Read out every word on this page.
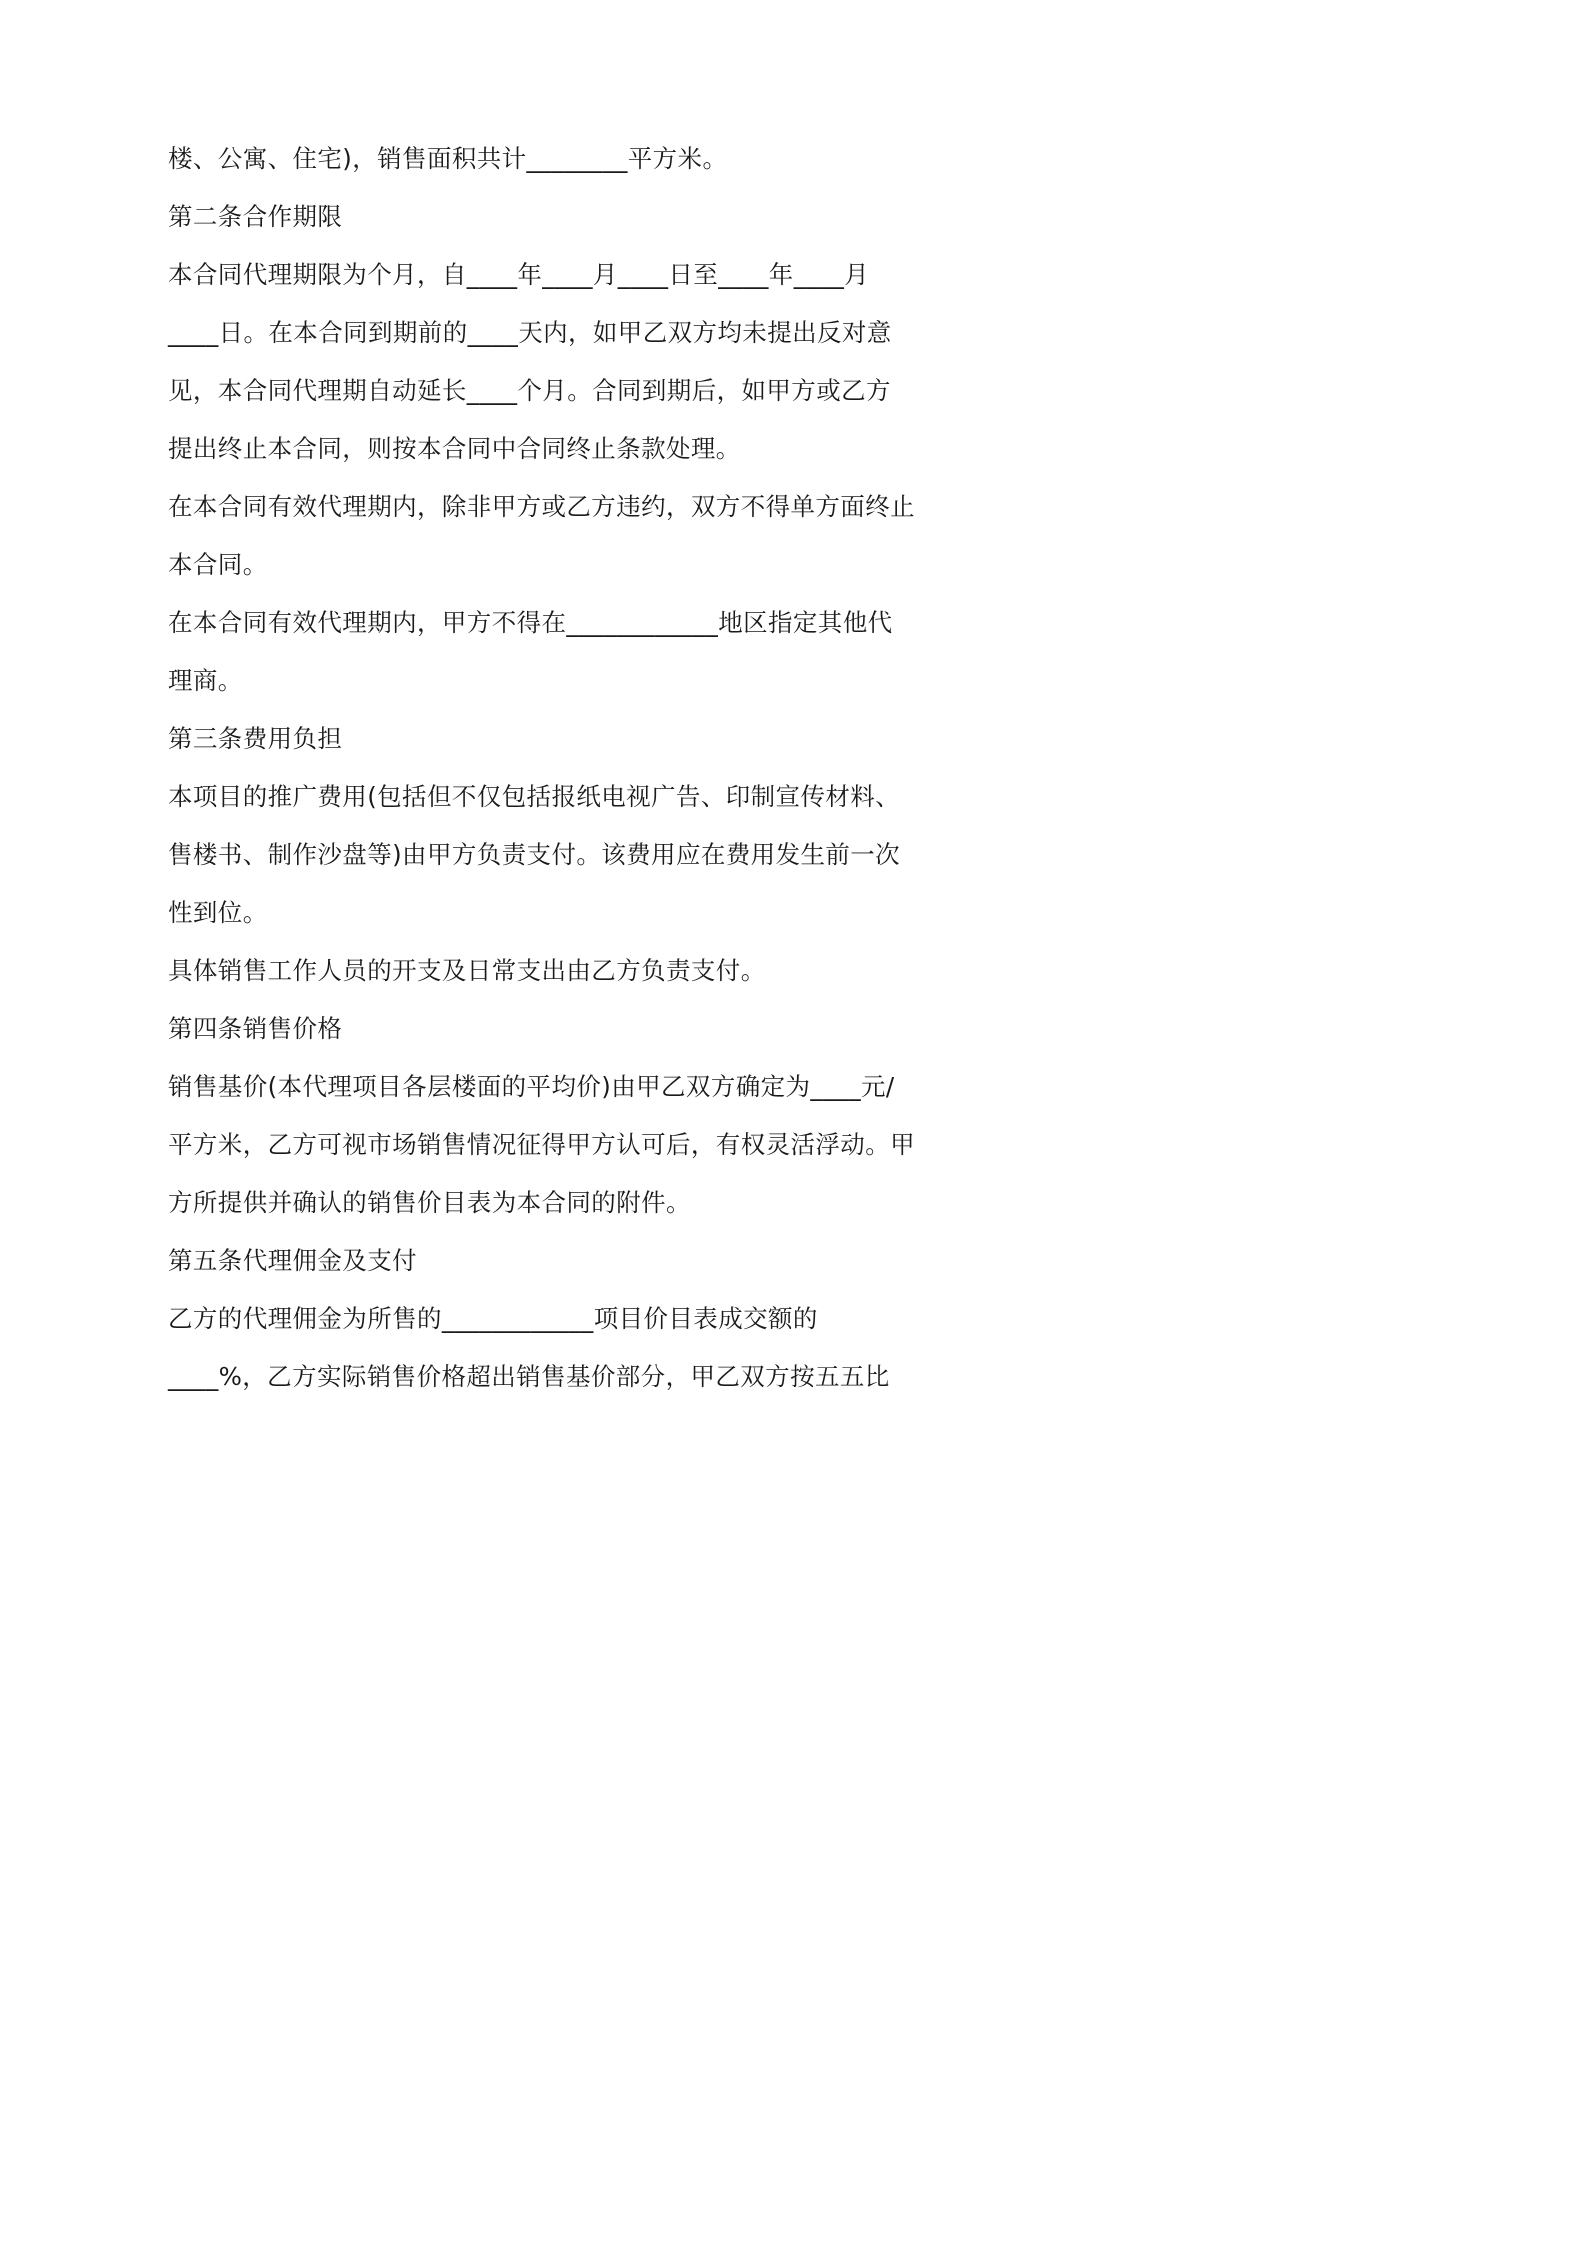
楼、公寓、住宅)，销售面积共计________平方米。

第二条合作期限

本合同代理期限为个月，自____年____月____日至____年____月

____日。在本合同到期前的____天内，如甲乙双方均未提出反对意

见，本合同代理期自动延长____个月。合同到期后，如甲方或乙方

提出终止本合同，则按本合同中合同终止条款处理。

在本合同有效代理期内，除非甲方或乙方违约，双方不得单方面终止

本合同。

在本合同有效代理期内，甲方不得在____________地区指定其他代

理商。

第三条费用负担

本项目的推广费用(包括但不仅包括报纸电视广告、印制宣传材料、

售楼书、制作沙盘等)由甲方负责支付。该费用应在费用发生前一次

性到位。

具体销售工作人员的开支及日常支出由乙方负责支付。

第四条销售价格

销售基价(本代理项目各层楼面的平均价)由甲乙双方确定为____元/

平方米，乙方可视市场销售情况征得甲方认可后，有权灵活浮动。甲

方所提供并确认的销售价目表为本合同的附件。

第五条代理佣金及支付

乙方的代理佣金为所售的____________项目价目表成交额的

____%，乙方实际销售价格超出销售基价部分，甲乙双方按五五比
